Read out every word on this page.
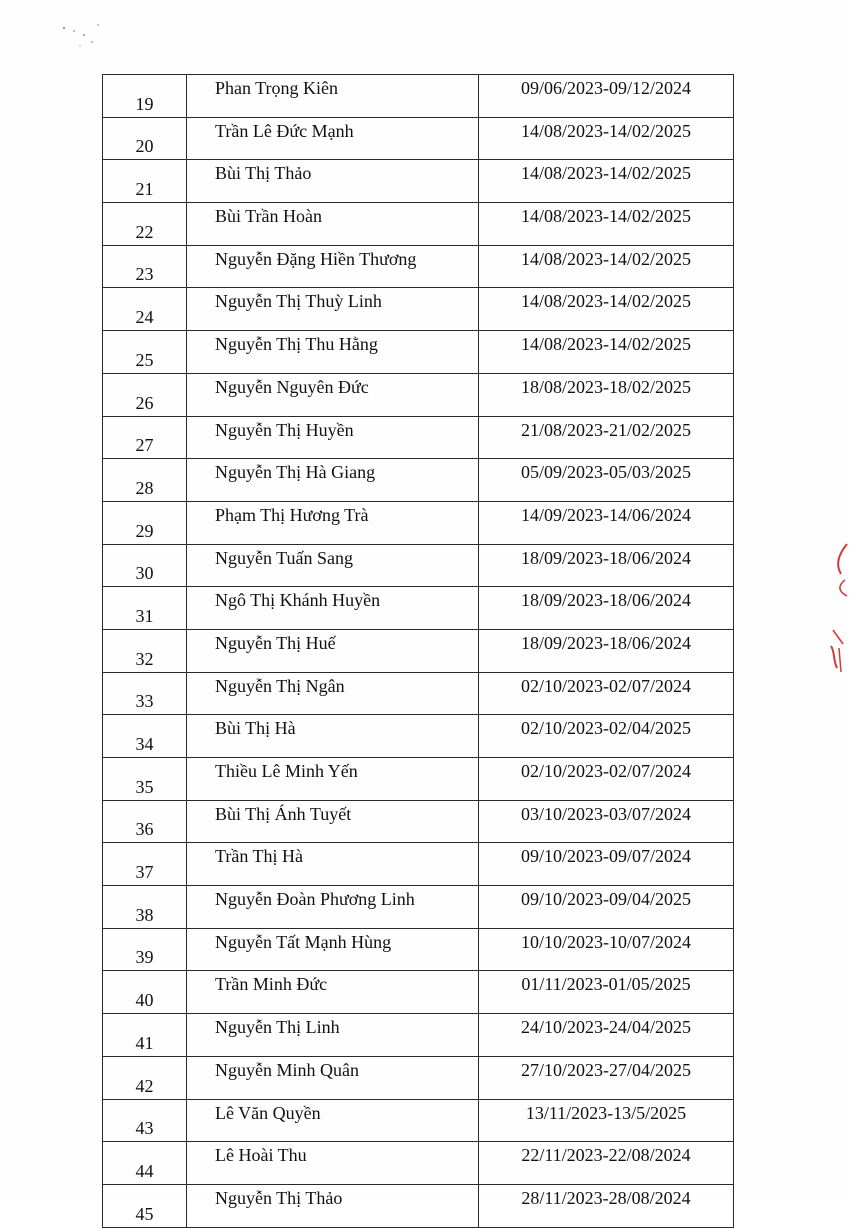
19	Phan Trọng Kiên	09/06/2023-09/12/2024
20	Trần Lê Đức Mạnh	14/08/2023-14/02/2025
21	Bùi Thị Thảo	14/08/2023-14/02/2025
22	Bùi Trần Hoàn	14/08/2023-14/02/2025
23	Nguyễn Đặng Hiền Thương	14/08/2023-14/02/2025
24	Nguyễn Thị Thuỳ Linh	14/08/2023-14/02/2025
25	Nguyễn Thị Thu Hằng	14/08/2023-14/02/2025
26	Nguyễn Nguyên Đức	18/08/2023-18/02/2025
27	Nguyễn Thị Huyền	21/08/2023-21/02/2025
28	Nguyễn Thị Hà Giang	05/09/2023-05/03/2025
29	Phạm Thị Hương Trà	14/09/2023-14/06/2024
30	Nguyễn Tuấn Sang	18/09/2023-18/06/2024
31	Ngô Thị Khánh Huyền	18/09/2023-18/06/2024
32	Nguyễn Thị Huế	18/09/2023-18/06/2024
33	Nguyễn Thị Ngân	02/10/2023-02/07/2024
34	Bùi Thị Hà	02/10/2023-02/04/2025
35	Thiều Lê Minh Yến	02/10/2023-02/07/2024
36	Bùi Thị Ánh Tuyết	03/10/2023-03/07/2024
37	Trần Thị Hà	09/10/2023-09/07/2024
38	Nguyễn Đoàn Phương Linh	09/10/2023-09/04/2025
39	Nguyễn Tất Mạnh Hùng	10/10/2023-10/07/2024
40	Trần Minh Đức	01/11/2023-01/05/2025
41	Nguyễn Thị Linh	24/10/2023-24/04/2025
42	Nguyễn Minh Quân	27/10/2023-27/04/2025
43	Lê Văn Quyền	13/11/2023-13/5/2025
44	Lê Hoài Thu	22/11/2023-22/08/2024
45	Nguyễn Thị Thảo	28/11/2023-28/08/2024
